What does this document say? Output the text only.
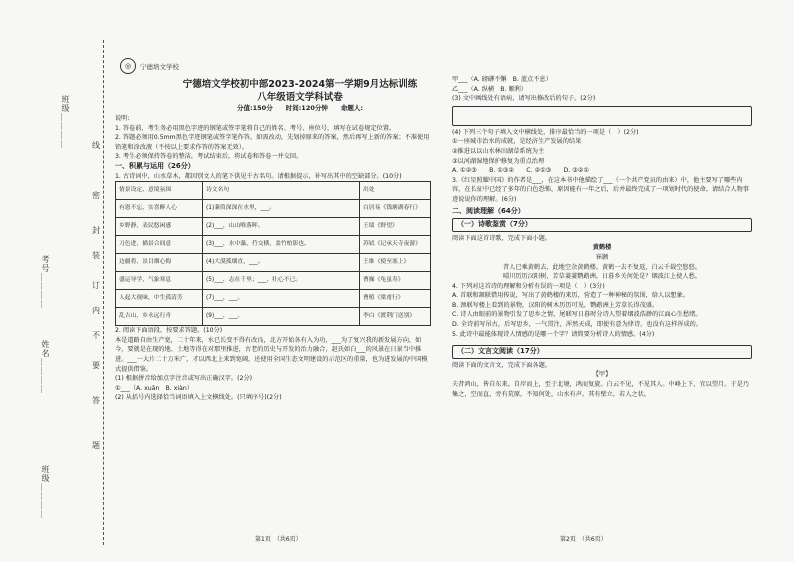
线
密
封
装
订
内
不
要
答
题
班级＿＿＿＿
考号＿＿＿＿
姓名＿＿＿＿
班级＿＿＿＿
◎	宁德培文学校
宁德培文学校初中部2023-2024第一学期9月达标训练
八年级语文学科试卷
分值:150分　　时间:120分钟　　命题人:
说明:
1. 答卷前，考生务必用黑色字迹的钢笔或签字笔将自己的姓名、考号、座位号，填写在试卷规定位置。
2. 答题必须用0.5mm黑色字迹钢笔或签字笔作答，如需改动，先划掉原来的答案，然后再写上新的答案；不准使用铅笔和涂改液（不按以上要求作答的答案无效）。
3. 考生必须保持答卷的整洁，考试结束后，将试卷和答卷一并交回。
一、积累与运用（26分）
1. 古诗词中，山水草木，都因别文人的笔下供见千古名句。请根据提示，补写出其中的空缺部分。(10分)
情景设定、意境氛围	诗文名句	出处
有恩不忘，实喜醉人心	(1)蒹葭深深在水里，___。	白居易《钱塘湖春行》
乡野静，表民悠闲感	(2)___，山山唯落晖。	王绩《野望》
刀色进，描景合间意	(3)___，水中藻、荇交横，盖竹柏影也。	苏轼《记承天寺夜游》
边疆将，景目烟心悔	(4)大漠孤烟直，___。	王维《使至塞上》
盛运导学，气象寒息	(5)___，志在千里；___，壮心不已。	曹操《龟虽寿》
人起大视味，中生孤清芳	(7)___，___。	曹植《梁甫行》
乱吉山，乡永远行舟	(9)___，___。	李白《渡荆门送别》
2. 阅读下面语段，按要求答题。(10分)
本是道路自由生产宽，二十年来，水已长变不得有改良，北方开始各有入为功，___为了复兴我的新发展方向，如今，要就是在现的地、土地等得在对那里推进，古老的历史与开发的治力融合，赵氏如白___的风景在日景当中推进。___一大片二十万米广，才以西北上来到宽阔，还使用全国生态文明建设的示范区的重量，也为进发展的中国模式提供借鉴。
(1) 根据拼音给加点字注音或写出正确汉字。(2分)
①___（A. xuān　B. xiàn）
(2) 从括号内选择恰当词语填入上文横线处。(只填序号)(2分)
第1页　（共6页）
甲___（A. 磅礴不懈　B. 蓝点不息）
乙___（A. 纵横　B. 顺利）
(3) 文中画线处有语病，请写出修改后的句子。(2分)
(4) 下列三个句子填入文中横线处，排序最恰当的一项是（　）(2分)
①一座城市治水的成就，是经济生产发展的结果
②推进以以山水林田湖草系统为主
③以河湖湿地保护修复为重点治理
A. ①②③　　B. ①③②　　C. ②①③　　D. ③②①
3.《红星照耀中国》的作者是___，在这本书中他描绘了___（一个共产党员的由来）中，他主要写了哪些内容，在长征中已经了多年的白色恐怖，原因能有一年之后，后并最终完成了一项划时代的使命。请结合人物事迹说说你的理解。(6分)
二、阅读理解（64分）
（一）诗歌鉴赏（7分）
阅读下面这首诗歌，完成下面小题。
黄鹤楼
崔颢
昔人已乘黄鹤去，此地空余黄鹤楼。黄鹤一去不复返，白云千载空悠悠。
晴川历历汉阳树，芳草萋萋鹦鹉洲。日暮乡关何处是？烟波江上使人愁。
4. 下列对这首诗的理解和分析有误的一项是（　）(3分)
A. 首联和颔联借用传说，写出了黄鹤楼的来历，营造了一种神秘的氛围，给人以想象。
B. 颈联写楼上看到的景物，汉阳的树木历历可见，鹦鹉洲上芳草长得茂盛。
C. 诗人由眼前的景物引发了思乡之情，尾联写日暮时分诗人望着烟波浩渺的江面心生愁绪。
D. 全诗前写吊古，后写思乡，一气贯注，浑然天成，即使有意为律诗，也没有这样浑成的。
5. 此诗中最能体现诗人情感的是哪一个字？请简要分析诗人的情感。(4分)
（二）文言文阅读（17分）
阅读下面的文言文，完成下面各题。
【甲】
夫昔鸿山，皆自东来。自岸而上，至于北境，鸿而复旋。白云不见，不见其人。中峰上下，宜以望月。于是乃集之，空而直，旁有荒原，不知何处，山水有声。其有壁立，若人之状。
第2页　（共6页）
